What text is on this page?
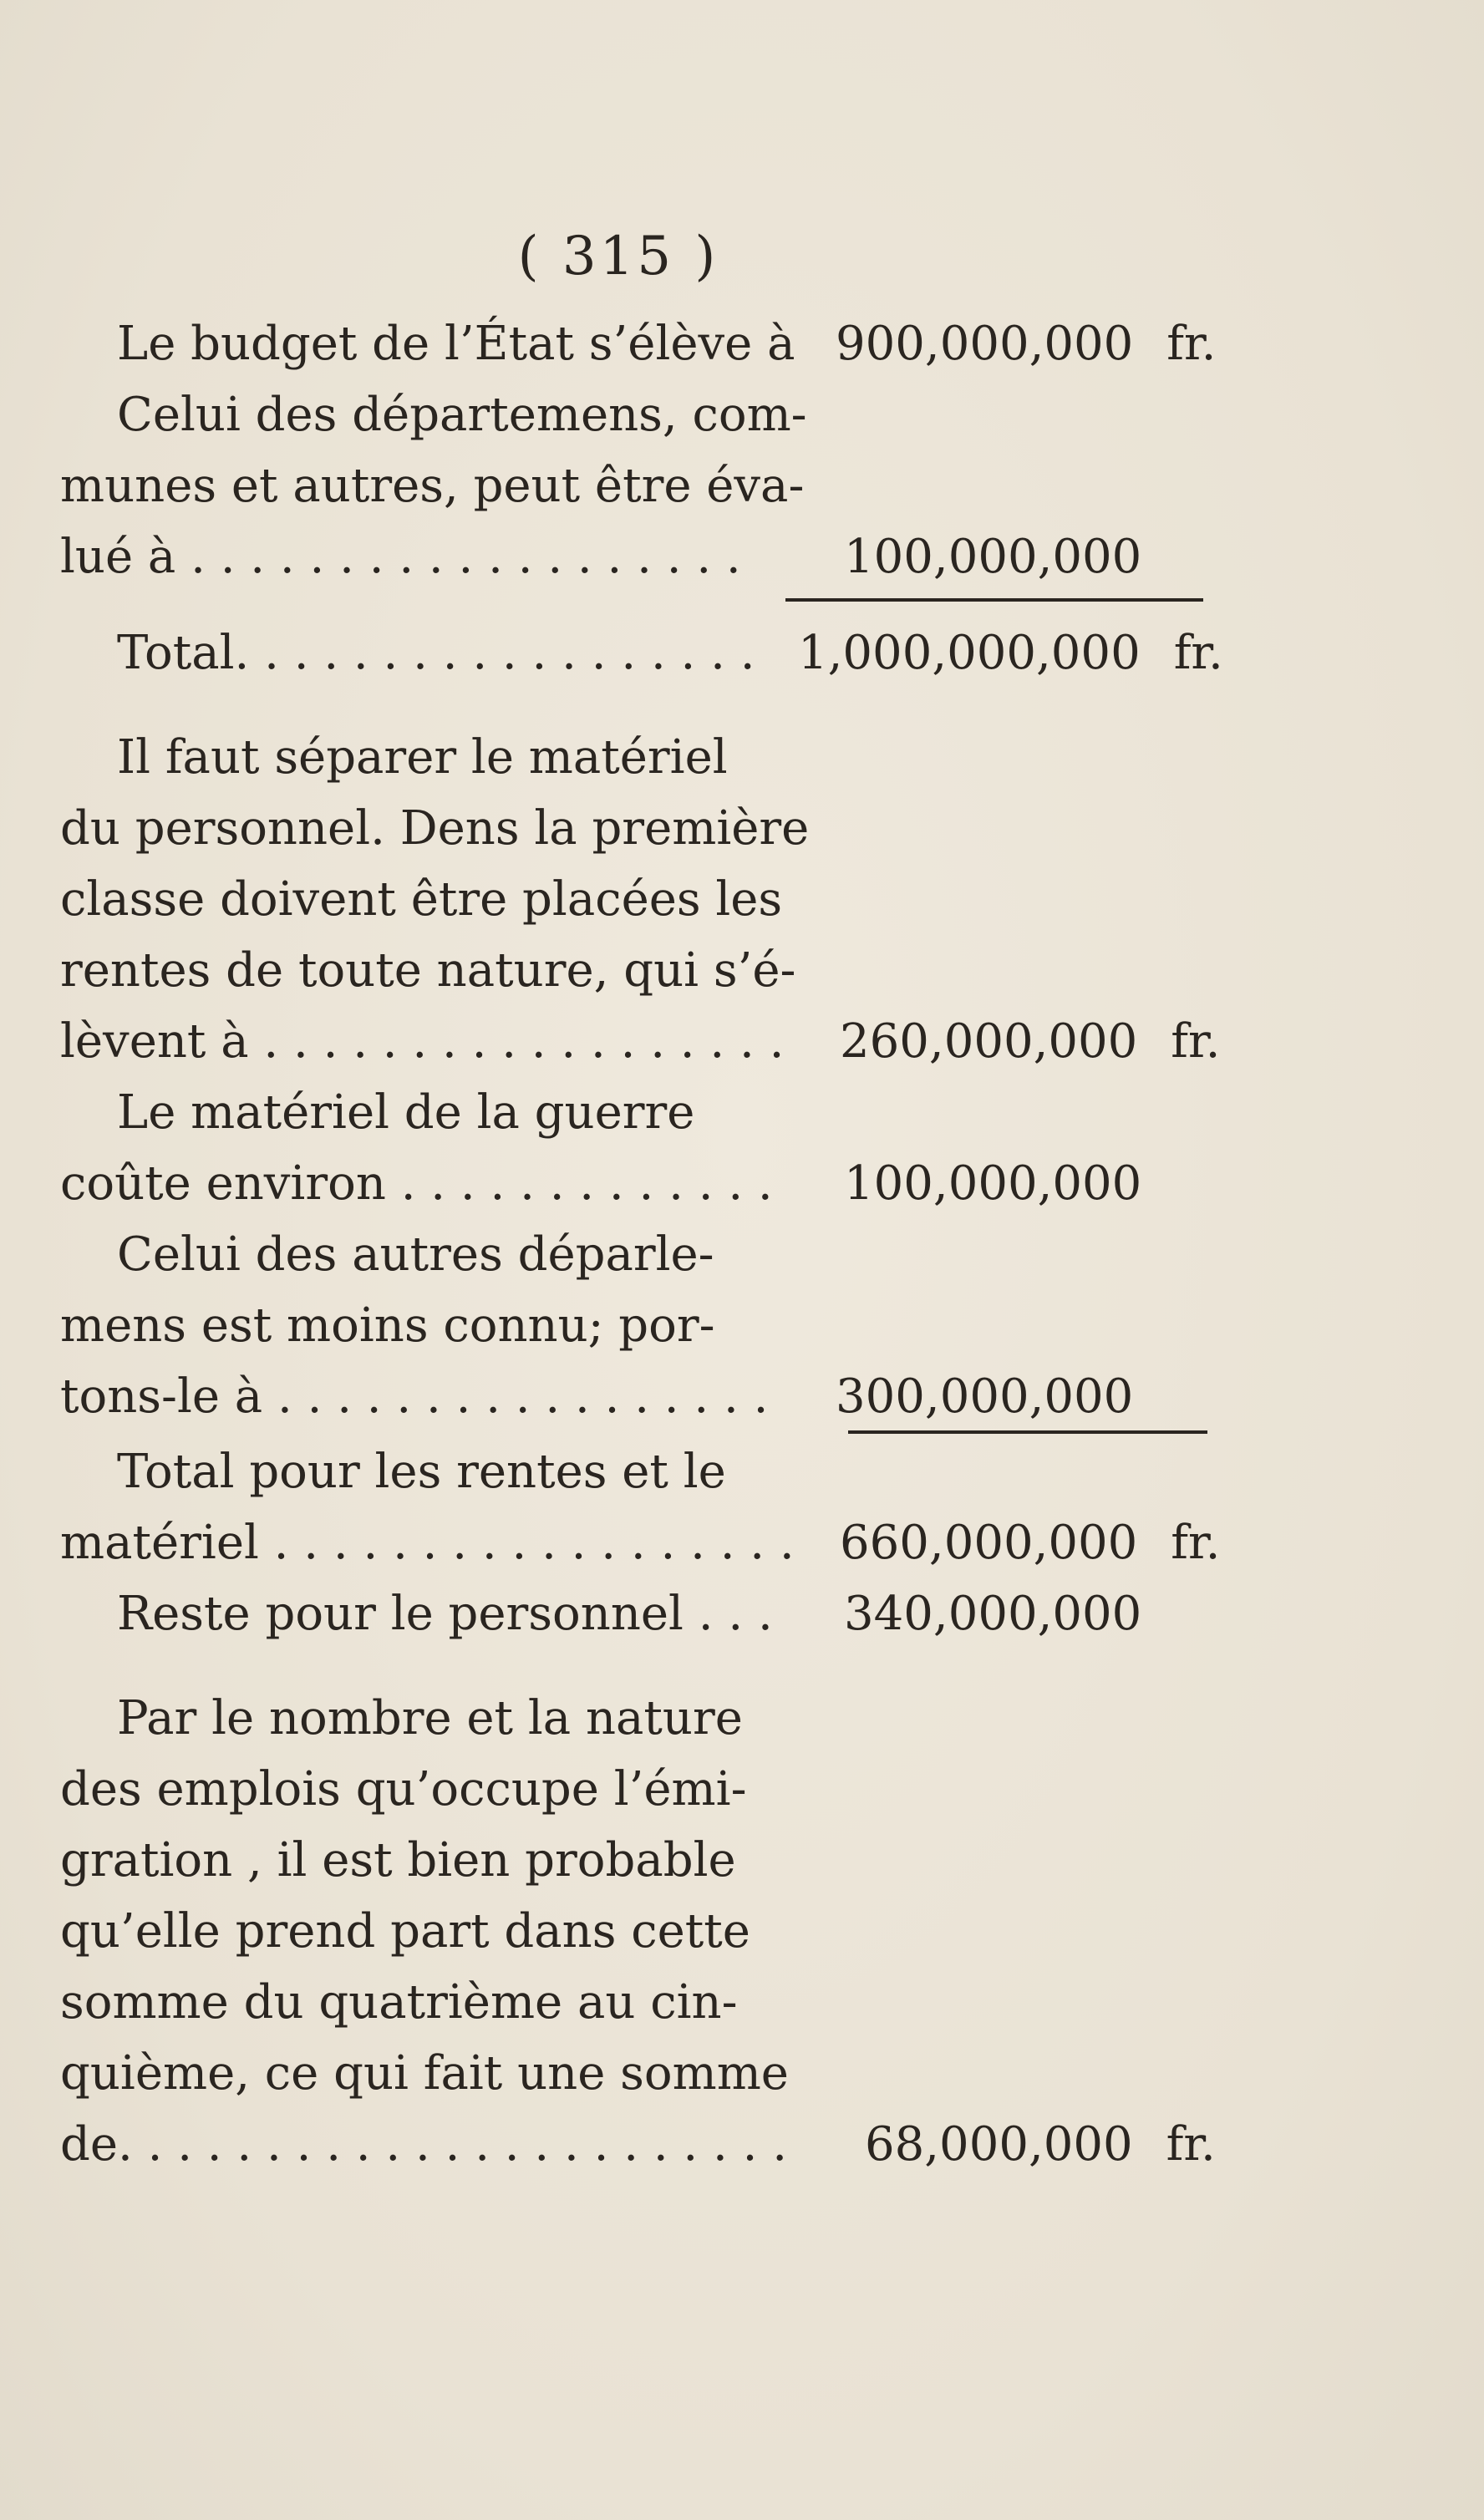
( 315 )
Le budget de l’État s’élève à 900,000,000 fr.
Celui des départemens, com-
munes et autres, peut être éva-
lué à . . . . . . . . . . . . . . . . . . .	100,000,000
Total. . . . . . . . . . . . . . . . . . 1,000,000,000 fr.
Il faut séparer le matériel
du personnel. Dens la première
classe doivent être placées les
rentes de toute nature, qui s’é-
lèvent à . . . . . . . . . . . . . . . . . . 260,000,000 fr.
Le matériel de la guerre
coûte environ . . . . . . . . . . . . . 100,000,000
Celui des autres déparle-
mens est moins connu; por-
tons-le à . . . . . . . . . . . . . . . . . 300,000,000
Total pour les rentes et le
matériel . . . . . . . . . . . . . . . . . . 660,000,000 fr.
Reste pour le personnel . . .	340,000,000
Par le nombre et la nature
des emplois qu’occupe l’émi-
gration , il est bien probable
qu’elle prend part dans cette
somme du quatrième au cin-
quième, ce qui fait une somme
de. . . . . . . . . . . . . . . . . . . . . . . 68,000,000 fr.
